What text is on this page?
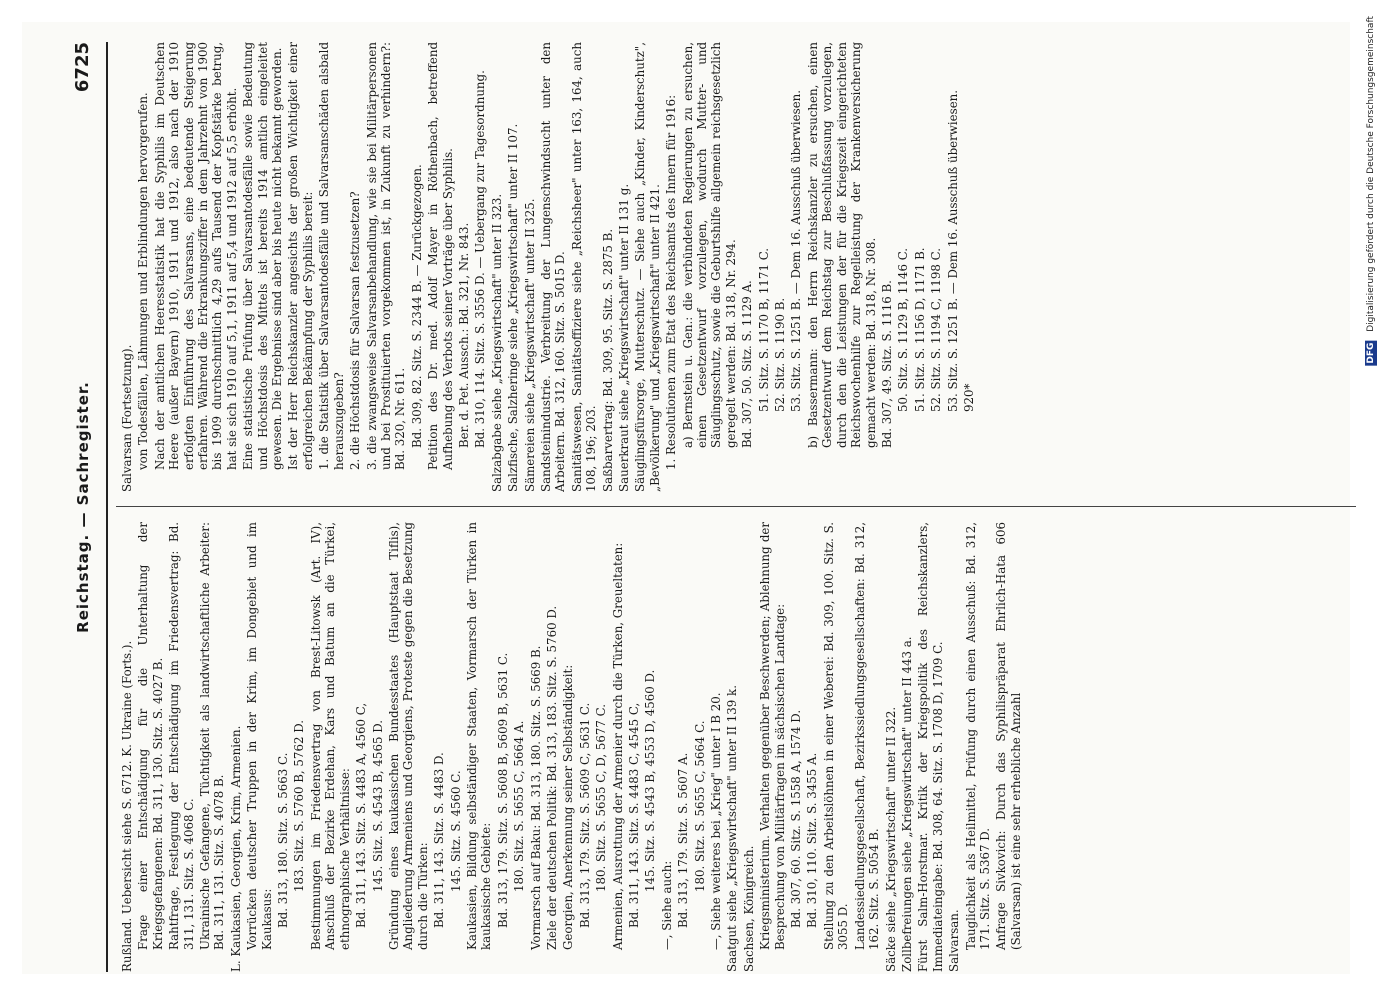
Reichstag. — Sachregister.
6725

Rußland. Uebersicht siehe S. 6712. K. Ukraine (Forts.). Frage einer Entschädigung für die Unterhaltung der Kriegsgefangenen: Bd. 311, 130. Sitz. S. 4027 B. Rahtfrage, Festlegung der Entschädigung im Friedensvertrag: Bd. 311, 131. Sitz. S. 4068 C. Ukrainische Gefangene, Tüchtigkeit als landwirtschaftliche Arbeiter: Bd. 311, 131. Sitz. S. 4078 B. L. Kaukasien, Georgien, Krim, Armenien. Vorrücken deutscher Truppen in der Krim, im Dongebiet und im Kaukasus: Bd. 313, 180. Sitz. S. 5663 C. 183. Sitz. S. 5760 B, 5762 D. Bestimmungen im Friedensvertrag von Brest-Litowsk (Art. IV), Anschluß der Bezirke Erdehan, Kars und Batum an die Türkei, ethnographische Verhältnisse: Bd. 311, 143. Sitz. S. 4483 A, 4560 C, 145. Sitz. S. 4543 B, 4565 D. Gründung eines kaukasischen Bundesstaates (Hauptstaat Tiflis), Angliederung Armeniens und Georgiens, Proteste gegen die Besetzung durch die Türken: Bd. 311, 143. Sitz. S. 4483 D. 145. Sitz. S. 4560 C. Kaukasien, Bildung selbständiger Staaten, Vormarsch der Türken in kaukasische Gebiete: Bd. 313, 179. Sitz. S. 5608 B, 5609 B, 5631 C. 180. Sitz. S. 5655 C, 5664 A. Vormarsch auf Baku: Bd. 313, 180. Sitz. S. 5669 B. Ziele der deutschen Politik: Bd. 313, 183. Sitz. S. 5760 D. Georgien, Anerkennung seiner Selbständigkeit: Bd. 313, 179. Sitz. S. 5609 C, 5631 C. 180. Sitz. S. 5655 C, D, 5677 C. Armenien, Ausrottung der Armenier durch die Türken, Greueltaten: Bd. 311, 143. Sitz. S. 4483 C, 4545 C, 145. Sitz. S. 4543 B, 4553 D, 4560 D.

—, Siehe auch: Bd. 313, 179. Sitz. S. 5607 A. 180. Sitz. S. 5655 C, 5664 C. —, Siehe weiteres bei „Krieg" unter I B 20. Saatgut siehe „Kriegswirtschaft" unter II 139 k. Sachsen, Königreich. Kriegsministerium. Verhalten gegenüber Beschwerden; Ablehnung der Besprechung von Militärfragen im sächsischen Landtage: Bd. 307, 60. Sitz. S. 1558 A, 1574 D. Bd. 310, 110. Sitz. S. 3455 A. Stellung zu den Arbeitslöhnen in einer Weberei: Bd. 309, 100. Sitz. S. 3055 D. Landessiedlungsgesellschaft, Bezirkssiedlungsgesellschaften: Bd. 312, 162. Sitz. S. 5054 B. Säcke siehe „Kriegswirtschaft" unter II 322. Zollbefreiungen siehe „Kriegswirtschaft" unter II 443 a. Fürst Salm-Horstmar. Kritik der Kriegspolitik des Reichskanzlers, Immediateingabe: Bd. 308, 64. Sitz. S. 1708 D, 1709 C. Salvarsan. Tauglichkeit als Heilmittel, Prüfung durch einen Ausschuß: Bd. 312, 171. Sitz. S. 5367 D. Anfrage Sivkovich: Durch das Syphilispräparat Ehrlich-Hata 606 (Salvarsan) ist eine sehr erhebliche Anzahl

Salvarsan (Fortsetzung). von Todesfällen, Lähmungen und Erblindungen hervorgerufen. Nach der amtlichen Heeresstatistik hat die Syphilis im Deutschen Heere (außer Bayern) 1910, 1911 und 1912, also nach der 1910 erfolgten Einführung des Salvarsans, eine bedeutende Steigerung erfahren. Während die Erkrankungsziffer in dem Jahrzehnt von 1900 bis 1909 durchschnittlich 4,29 aufs Tausend der Kopfstärke betrug, hat sie sich 1910 auf 5,1, 1911 auf 5,4 und 1912 auf 5,5 erhöht. Eine statistische Prüfung über Salvarsantodesfälle sowie Bedeutung und Höchstdosis des Mittels ist bereits 1914 amtlich eingeleitet gewesen. Die Ergebnisse sind aber bis heute nicht bekannt geworden. Ist der Herr Reichskanzler angesichts der großen Wichtigkeit einer erfolgreichen Bekämpfung der Syphilis bereit: 1. die Statistik über Salvarsantodesfälle und Salvarsanschäden alsbald herauszugeben? 2. die Höchstdosis für Salvarsan festzusetzen? 3. die zwangsweise Salvarsanbehandlung, wie sie bei Militärpersonen und bei Prostituierten vorgekommen ist, in Zukunft zu verhindern?: Bd. 320, Nr. 611. Bd. 309, 82. Sitz. S. 2344 B. — Zurückgezogen. Petition des Dr. med. Adolf Mayer in Röthenbach, betreffend Aufhebung des Verbots seiner Vorträge über Syphilis. Ber. d. Pet. Aussch.: Bd. 321, Nr. 843. Bd. 310, 114. Sitz. S. 3556 D. — Uebergang zur Tagesordnung. Salzabgabe siehe „Kriegswirtschaft" unter II 323. Salzfische, Salzheringe siehe „Kriegswirtschaft" unter II 107. Sämereien siehe „Kriegswirtschaft" unter II 325. Sandsteinindustrie. Verbreitung der Lungenschwindsucht unter den Arbeitern. Bd. 312, 160. Sitz. S. 5015 D. Sanitätswesen, Sanitätsoffiziere siehe „Reichsheer" unter 163, 164, auch 108, 196; 203. Saßbarvertrag: Bd. 309, 95. Sitz. S. 2875 B. Sauerkraut siehe „Kriegswirtschaft" unter II 131 g. Säuglingsfürsorge, Mutterschutz. — Siehe auch „Kinder, Kinderschutz", „Bevölkerung" und „Kriegswirtschaft" unter II 421. 1. Resolutionen zum Etat des Reichsamts des Innern für 1916: a) Bernstein u. Gen.: die verbündeten Regierungen zu ersuchen, einen Gesetzentwurf vorzulegen, wodurch Mutter- und Säuglingsschutz, sowie die Geburtshilfe allgemein reichsgesetzlich geregelt werden: Bd. 318, Nr. 294. Bd. 307, 50. Sitz. S. 1129 A. 51. Sitz. S. 1170 B, 1171 C. 52. Sitz. S. 1190 B. 53. Sitz. S. 1251 B. — Dem 16. Ausschuß überwiesen. b) Bassermann: den Herrn Reichskanzler zu ersuchen, einen Gesetzentwurf dem Reichstag zur Beschlußfassung vorzulegen, durch den die Leistungen der für die Kriegszeit eingerichteten Reichswochenhilfe zur Regelleistung der Krankenversicherung gemacht werden: Bd. 318, Nr. 308. Bd. 307, 49. Sitz. S. 1116 B. 50. Sitz. S. 1129 B, 1146 C. 51. Sitz. S. 1156 D, 1171 B. 52. Sitz. S. 1194 C, 1198 C. 53. Sitz. S. 1251 B. — Dem 16. Ausschuß überwiesen. 920*

DFG Digitalisierung gefördert durch die Deutsche Forschungsgemeinschaft
